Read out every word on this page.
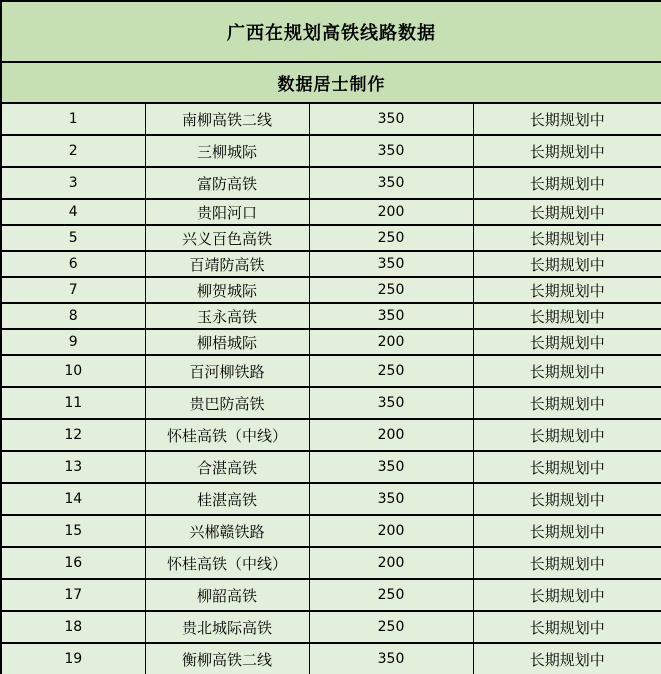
广西在规划高铁线路数据			
数据居士制作			
1	南柳高铁二线	350	长期规划中
2	三柳城际	350	长期规划中
3	富防高铁	350	长期规划中
4	贵阳河口	200	长期规划中
5	兴义百色高铁	250	长期规划中
6	百靖防高铁	350	长期规划中
7	柳贺城际	250	长期规划中
8	玉永高铁	350	长期规划中
9	柳梧城际	200	长期规划中
10	百河柳铁路	250	长期规划中
11	贵巴防高铁	350	长期规划中
12	怀桂高铁（中线）	200	长期规划中
13	合湛高铁	350	长期规划中
14	桂湛高铁	350	长期规划中
15	兴郴赣铁路	200	长期规划中
16	怀桂高铁（中线）	200	长期规划中
17	柳韶高铁	250	长期规划中
18	贵北城际高铁	250	长期规划中
19	衡柳高铁二线	350	长期规划中
